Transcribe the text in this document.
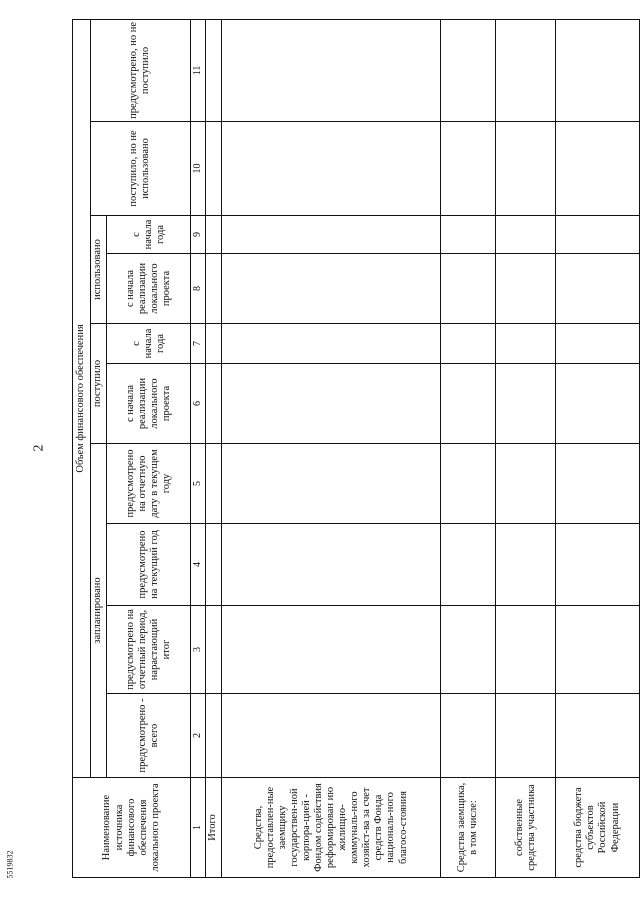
2
5519832
Наименование источника финансового обеспечения локального проекта	Объем финансового обеспечения									
	запланировано				поступило		использовано		поступило, но не использовано	предусмотрено, но не поступило
	предусмотрено - всего	предусмотрено на отчетный период, нарастающий итог	предусмотрено на текущий год	предусмотрено на отчетную дату в текущем году	с начала реализации локального проекта	с начала года	с начала реализации локального проекта	с начала года		

1	2	3	4	5	6	7	8	9	10	11
Итого										
Средства, предоставлен-ные заемщику государствен-ной корпора-цией - Фондом содействия реформирован ию жилищно-коммуналь-ного хозяйст-ва за счет средств Фонда националь-ного благосо-стояния										
Средства заемщика, в том числе:										
собственные средства участника										
средства бюджета субъектов Российской Федерации										
